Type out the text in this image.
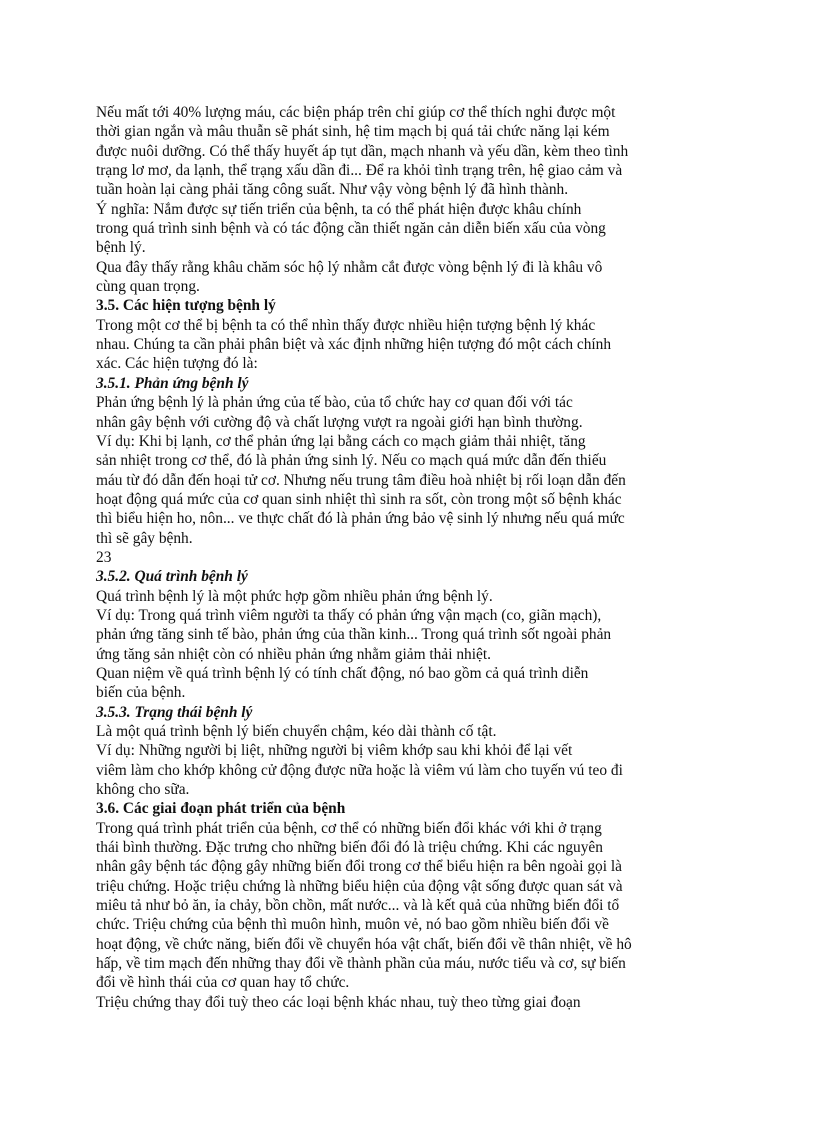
Nếu mất tới 40% lượng máu, các biện pháp trên chỉ giúp cơ thể thích nghi được một
thời gian ngắn và mâu thuẫn sẽ phát sinh, hệ tim mạch bị quá tải chức năng lại kém
được nuôi dưỡng. Có thể thấy huyết áp tụt dần, mạch nhanh và yếu dần, kèm theo tình
trạng lơ mơ, da lạnh, thể trạng xấu dần đi... Để ra khỏi tình trạng trên, hệ giao cảm và
tuần hoàn lại càng phải tăng công suất. Như vậy vòng bệnh lý đã hình thành.
Ý nghĩa: Nắm được sự tiến triển của bệnh, ta có thể phát hiện được khâu chính
trong quá trình sinh bệnh và có tác động cần thiết ngăn cản diễn biến xấu của vòng
bệnh lý.
Qua đây thấy rằng khâu chăm sóc hộ lý nhằm cắt được vòng bệnh lý đi là khâu vô
cùng quan trọng.
3.5. Các hiện tượng bệnh lý
Trong một cơ thể bị bệnh ta có thể nhìn thấy được nhiều hiện tượng bệnh lý khác
nhau. Chúng ta cần phải phân biệt và xác định những hiện tượng đó một cách chính
xác. Các hiện tượng đó là:
3.5.1. Phản ứng bệnh lý
Phản ứng bệnh lý là phản ứng của tế bào, của tổ chức hay cơ quan đối với tác
nhân gây bệnh với cường độ và chất lượng vượt ra ngoài giới hạn bình thường.
Ví dụ: Khi bị lạnh, cơ thể phản ứng lại bằng cách co mạch giảm thải nhiệt, tăng
sản nhiệt trong cơ thể, đó là phản ứng sinh lý. Nếu co mạch quá mức dẫn đến thiếu
máu từ đó dẫn đến hoại tử cơ. Nhưng nếu trung tâm điều hoà nhiệt bị rối loạn dẫn đến
hoạt động quá mức của cơ quan sinh nhiệt thì sinh ra sốt, còn trong một số bệnh khác
thì biểu hiện ho, nôn... ve thực chất đó là phản ứng bảo vệ sinh lý nhưng nếu quá mức
thì sẽ gây bệnh.
23
3.5.2. Quá trình bệnh lý
Quá trình bệnh lý là một phức hợp gồm nhiều phản ứng bệnh lý.
Ví dụ: Trong quá trình viêm người ta thấy có phản ứng vận mạch (co, giãn mạch),
phản ứng tăng sinh tế bào, phản ứng của thần kinh... Trong quá trình sốt ngoài phản
ứng tăng sản nhiệt còn có nhiều phản ứng nhằm giảm thải nhiệt.
Quan niệm về quá trình bệnh lý có tính chất động, nó bao gồm cả quá trình diễn
biến của bệnh.
3.5.3. Trạng thái bệnh lý
Là một quá trình bệnh lý biến chuyển chậm, kéo dài thành cố tật.
Ví dụ: Những người bị liệt, những người bị viêm khớp sau khi khỏi để lại vết
viêm làm cho khớp không cử động được nữa hoặc là viêm vú làm cho tuyến vú teo đi
không cho sữa.
3.6. Các giai đoạn phát triển của bệnh
Trong quá trình phát triển của bệnh, cơ thể có những biến đổi khác với khi ở trạng
thái bình thường. Đặc trưng cho những biến đổi đó là triệu chứng. Khi các nguyên
nhân gây bệnh tác động gây những biến đổi trong cơ thể biểu hiện ra bên ngoài gọi là
triệu chứng. Hoặc triệu chứng là những biểu hiện của động vật sống được quan sát và
miêu tả như bỏ ăn, ỉa chảy, bồn chồn, mất nước... và là kết quả của những biến đổi tổ
chức. Triệu chứng của bệnh thì muôn hình, muôn vẻ, nó bao gồm nhiều biến đổi về
hoạt động, về chức năng, biến đổi về chuyển hóa vật chất, biến đổi về thân nhiệt, về hô
hấp, về tim mạch đến những thay đổi về thành phần của máu, nước tiểu và cơ, sự biến
đổi về hình thái của cơ quan hay tổ chức.
Triệu chứng thay đổi tuỳ theo các loại bệnh khác nhau, tuỳ theo từng giai đoạn
